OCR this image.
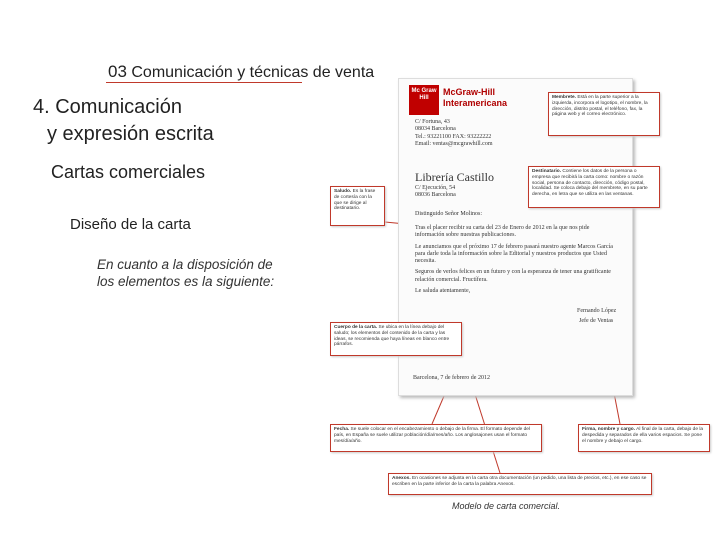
03 Comunicación y técnicas de venta
4. Comunicación
y expresión escrita
Cartas comerciales
Diseño de la carta
En cuanto a la disposición de los elementos es la siguiente:
Mc Graw Hill
McGraw-Hill
Interamericana
C/ Fortuna, 43
08034 Barcelona
Tel.: 93221100 FAX: 93222222
Email: ventas@mcgrawhill.com
Librería Castillo
C/ Ejecución, 54
08036 Barcelona
Distinguido Señor Molinos:
Tras el placer recibir su carta del 23 de Enero de 2012 en la que nos pide información sobre nuestras publicaciones.
Le anunciamos que el próximo 17 de febrero pasará nuestro agente Marcos García para darle toda la información sobre la Editorial y nuestros productos que Usted necesita.
Seguros de verlos felices en un futuro y con la esperanza de tener una gratificante relación comercial. Fructífera.
Le saluda atentamente,
Fernando López
Jefe de Ventas
Barcelona, 7 de febrero de 2012
Membrete. Está en la parte superior a la izquierda, incorpora el logotipo, el nombre, la dirección, distrito postal, el teléfono, fax, la página web y el correo electrónico.
Destinatario. Contiene los datos de la persona o empresa que recibirá la carta como: nombre o razón social, persona de contacto, dirección, código postal, localidad. Se coloca debajo del membrete, en su parte derecha, en letra que se utiliza en las ventanas.
Saludo. Es la frase de cortesía con la que se dirige al destinatario.
Cuerpo de la carta. Se ubica en la línea debajo del saludo; los elementos del contenido de la carta y las ideas, se recomienda que haya líneas en blanco entre párrafos.
Fecha. Se suele colocar en el encabezamiento o debajo de la firma. El formato depende del país, en España se suele utilizar población/día/mes/año. Los anglosajones usan el formato mes/día/año.
Firma, nombre y cargo. Al final de la carta, debajo de la despedida y separados de ella varios espacios. Se pone el nombre y debajo el cargo.
Anexos. En ocasiones se adjunta en la carta otra documentación (un pedido, una lista de precios, etc.), en ese caso se escriben en la parte inferior de la carta la palabra Anexos.
Modelo de carta comercial.
